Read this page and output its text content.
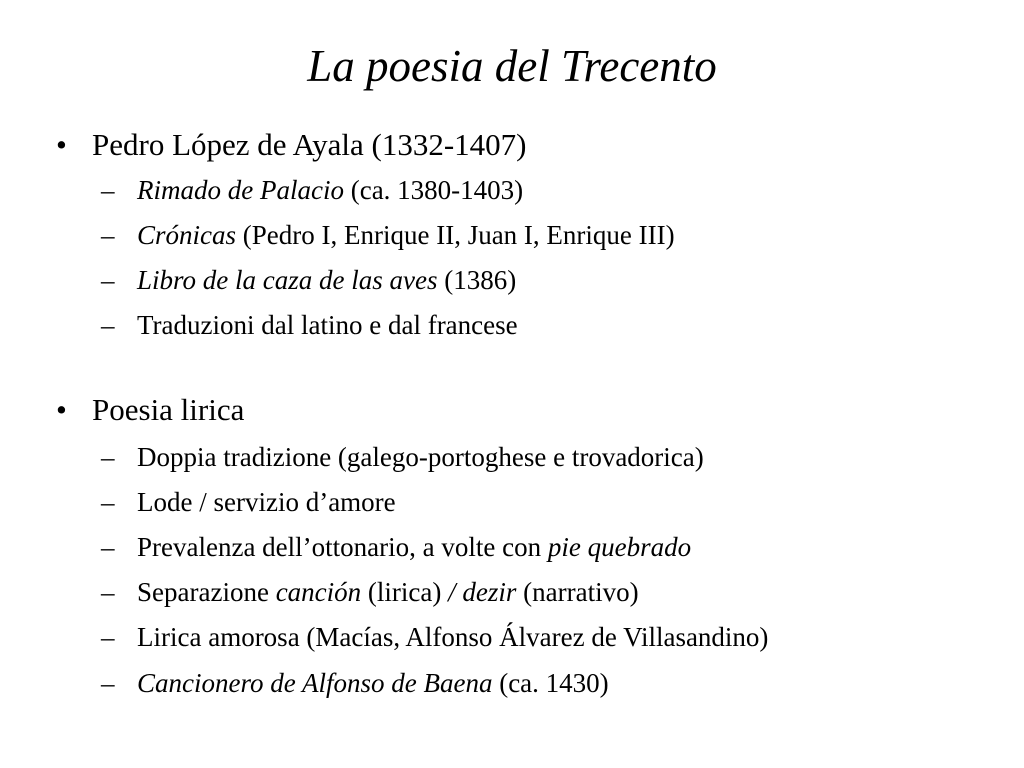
La poesia del Trecento
• Pedro López de Ayala (1332-1407)
– Rimado de Palacio (ca. 1380-1403)
– Crónicas (Pedro I, Enrique II, Juan I, Enrique III)
– Libro de la caza de las aves (1386)
– Traduzioni dal latino e dal francese
• Poesia lirica
– Doppia tradizione (galego-portoghese e trovadorica)
– Lode / servizio d’amore
– Prevalenza dell’ottonario, a volte con pie quebrado
– Separazione canción (lirica) / dezir (narrativo)
– Lirica amorosa (Macías, Alfonso Álvarez de Villasandino)
– Cancionero de Alfonso de Baena (ca. 1430)
